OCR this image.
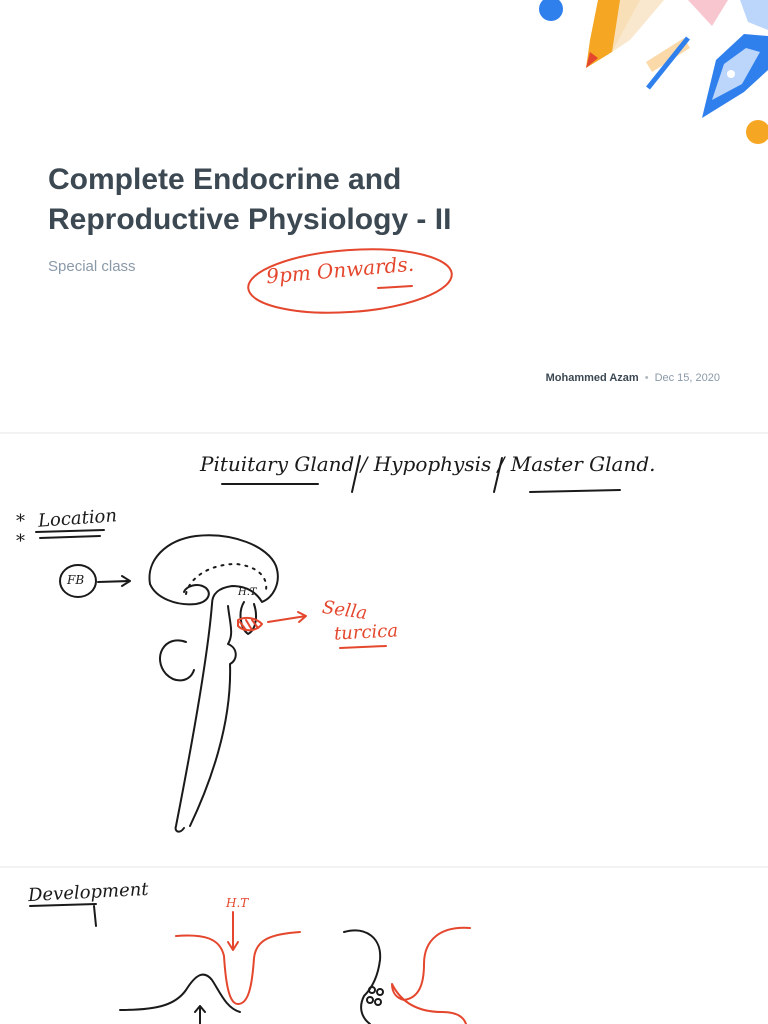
Complete Endocrine and
Reproductive Physiology - II
Special class	9pm Onwards.
Mohammed Azam • Dec 15, 2020
Pituitary Gland / Hypophysis / Master Gland.
*
*
Location
FB
H.T
Sella
turcica
Development	H.T
